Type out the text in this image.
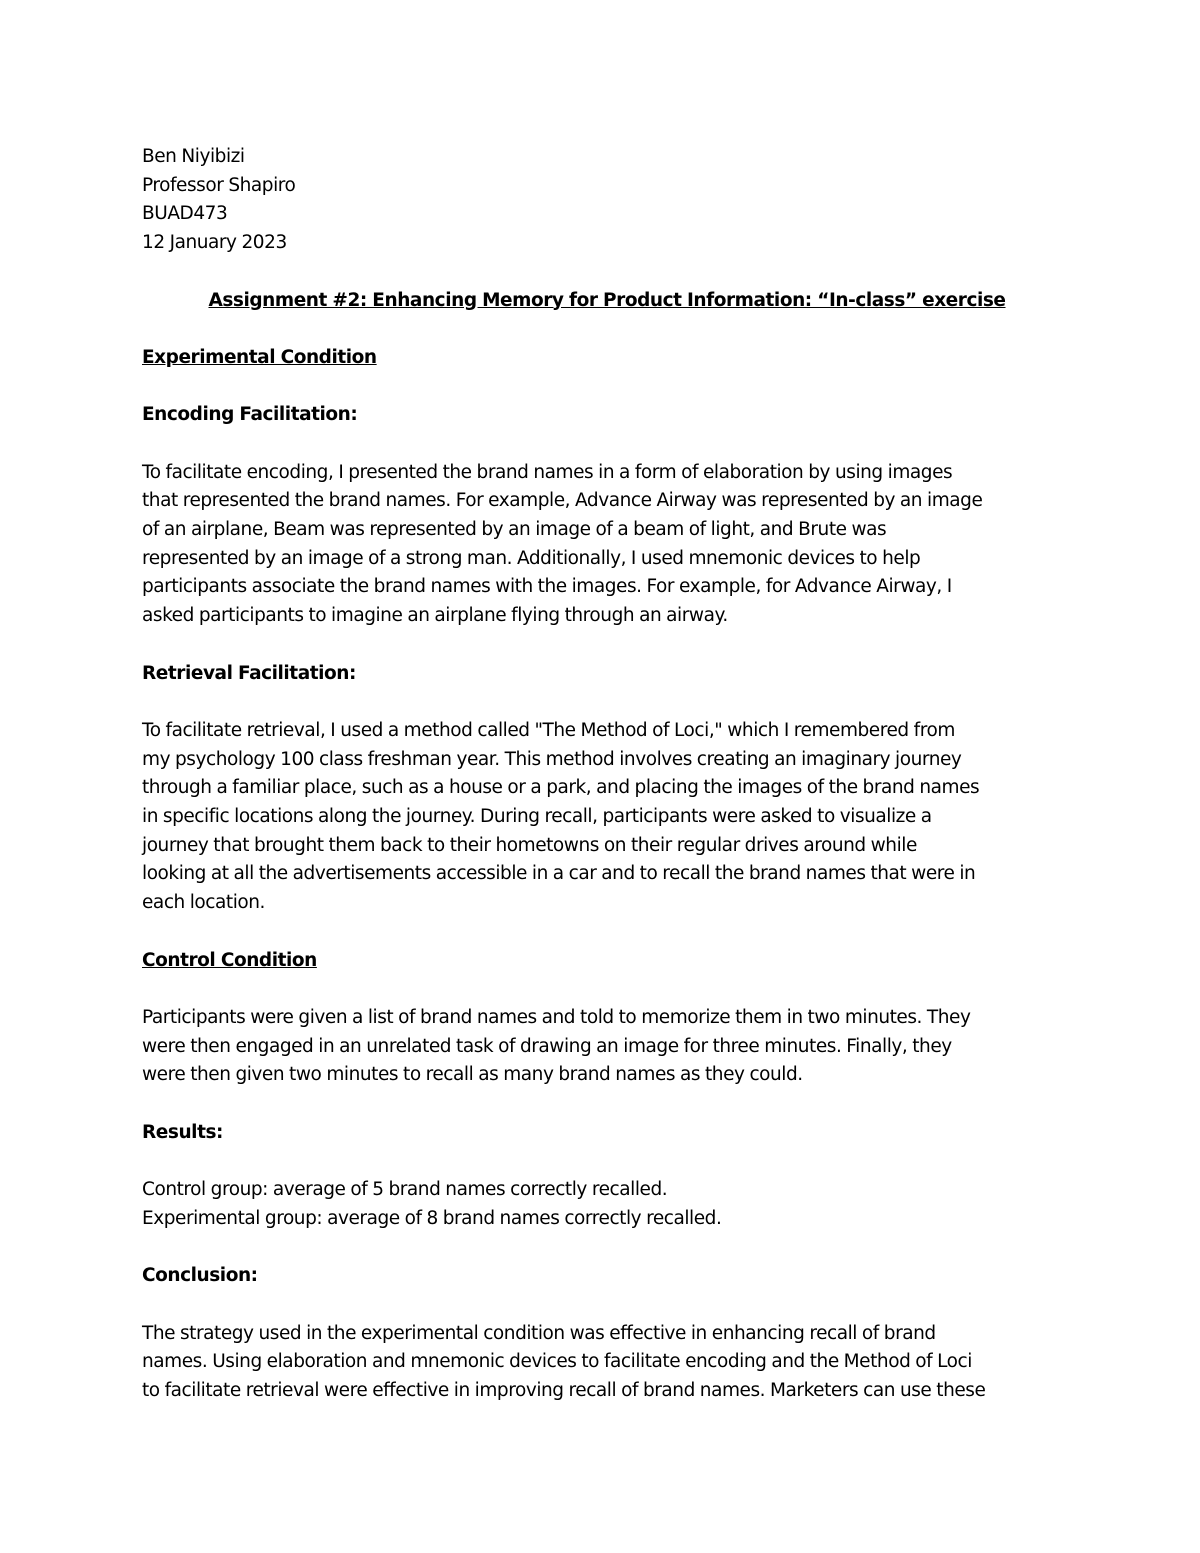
Ben Niyibizi

Professor Shapiro

BUAD473

12 January 2023

Assignment #2: Enhancing Memory for Product Information: “In-class” exercise

Experimental Condition

Encoding Facilitation:

To facilitate encoding, I presented the brand names in a form of elaboration by using images
that represented the brand names. For example, Advance Airway was represented by an image
of an airplane, Beam was represented by an image of a beam of light, and Brute was
represented by an image of a strong man. Additionally, I used mnemonic devices to help
participants associate the brand names with the images. For example, for Advance Airway, I
asked participants to imagine an airplane flying through an airway.

Retrieval Facilitation:

To facilitate retrieval, I used a method called "The Method of Loci," which I remembered from
my psychology 100 class freshman year. This method involves creating an imaginary journey
through a familiar place, such as a house or a park, and placing the images of the brand names
in specific locations along the journey. During recall, participants were asked to visualize a
journey that brought them back to their hometowns on their regular drives around while
looking at all the advertisements accessible in a car and to recall the brand names that were in
each location.

Control Condition

Participants were given a list of brand names and told to memorize them in two minutes. They
were then engaged in an unrelated task of drawing an image for three minutes. Finally, they
were then given two minutes to recall as many brand names as they could.

Results:

Control group: average of 5 brand names correctly recalled.
Experimental group: average of 8 brand names correctly recalled.

Conclusion:

The strategy used in the experimental condition was effective in enhancing recall of brand
names. Using elaboration and mnemonic devices to facilitate encoding and the Method of Loci
to facilitate retrieval were effective in improving recall of brand names. Marketers can use these
